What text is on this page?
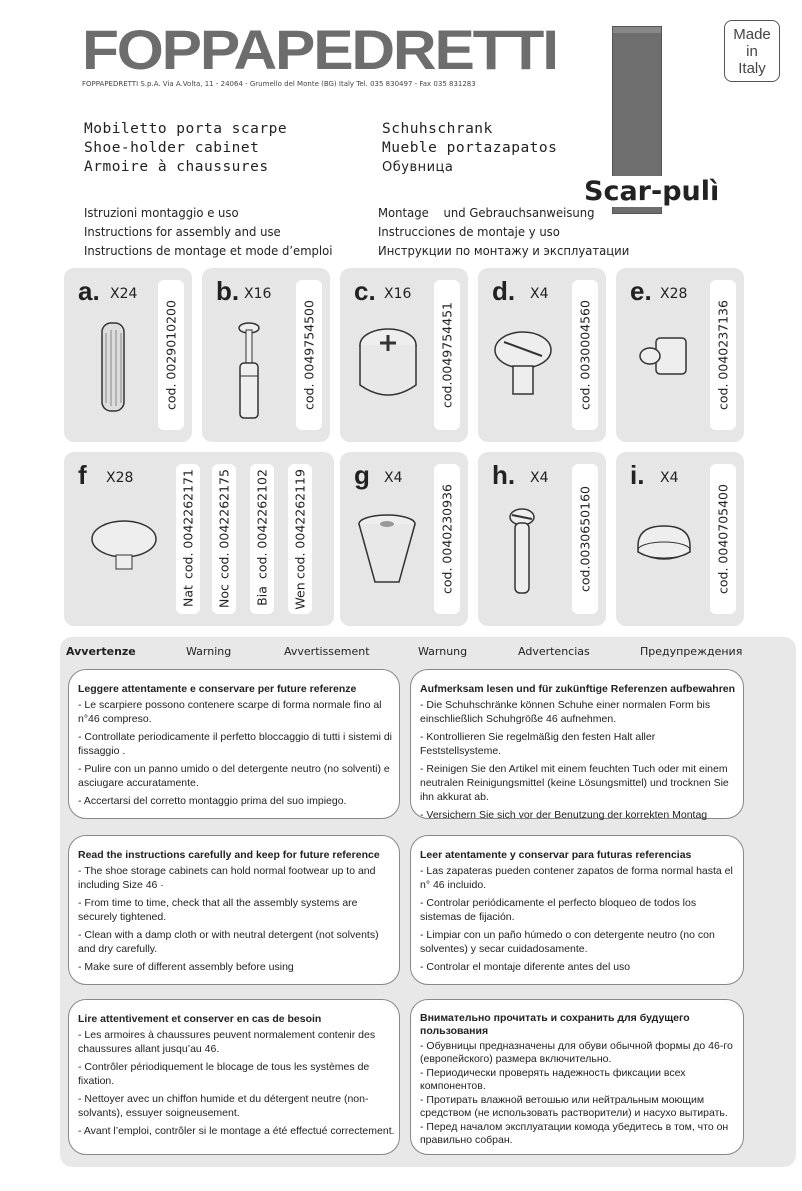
FOPPAPEDRETTI
FOPPAPEDRETTI S.p.A. Via A.Volta, 11 - 24064 - Grumello del Monte (BG) Italy Tel. 035 830497 - Fax 035 831283
Made
in
Italy
Scar-pulì
Mobiletto porta scarpe
Shoe-holder cabinet
Armoire à chaussures
Schuhschrank
Mueble portazapatos
Обувница
Istruzioni montaggio e uso
Instructions for assembly and use
Instructions de montage et mode d’emploi
Montage    und Gebrauchsanweisung
Instrucciones de montaje y uso
Инструкции по монтажу и эксплуатации
a. X24
cod. 0029010200
b. X16
cod. 0049754500
c. X16
cod.0049754451
d. X4
cod. 0030004560
e. X28
cod. 0040237136
f X28	cod. 0042262171
Nat
cod. 0042262175
Noc
cod. 0042262102
Bia
cod. 0042262119
Wen
g X4
cod. 0040230936
h. X4
cod.0030650160
i. X4
cod. 0040705400
Avvertenze	Warning	Avvertissement	Warnung	Advertencias	Предупреждения
Leggere attentamente e conservare per future referenze

- Le scarpiere possono contenere scarpe di forma normale fino al n°46 compreso.

- Controllate periodicamente il perfetto bloccaggio di tutti i sistemi di fissaggio .

- Pulire con un panno umido o del detergente neutro (no solventi) e asciugare accuratamente.

- Accertarsi del corretto montaggio prima del suo impiego.

Aufmerksam lesen und für zukünftige Referenzen aufbewahren

- Die Schuhschränke können Schuhe einer normalen Form bis einschließlich Schuhgröße 46 aufnehmen.

- Kontrollieren Sie regelmäßig den festen Halt aller Feststellsysteme.

- Reinigen Sie den Artikel mit einem feuchten Tuch oder mit einem neutralen Reinigungsmittel (keine Lösungsmittel) und trocknen Sie ihn akkurat ab.

- Versichern Sie sich vor der Benutzung der korrekten Montag

Read the instructions carefully and keep for future reference

- The shoe storage cabinets can hold normal footwear up to and including Size 46 ·

- From time to time, check that all the assembly systems are securely tightened.

- Clean with a damp cloth or with neutral detergent (not solvents) and dry carefully.

- Make sure of different assembly before using

Leer atentamente y conservar para futuras referencias

- Las zapateras pueden contener zapatos de forma normal hasta el n° 46 incluido.

- Controlar periódicamente el perfecto bloqueo de todos los sistemas de fijación.

- Limpiar con un paño húmedo o con detergente neutro (no con solventes) y secar cuidadosamente.

- Controlar el montaje diferente antes del uso

Lire attentivement et conserver en cas de besoin

- Les armoires à chaussures peuvent normalement contenir des chaussures allant jusqu’au 46.

- Contrôler périodiquement le blocage de tous les systèmes de fixation.

- Nettoyer avec un chiffon humide et du détergent neutre (non-solvants), essuyer soigneusement.

- Avant l’emploi, contrôler si le montage a été effectué correctement.

Внимательно прочитать и сохранить для будущего пользования

- Обувницы предназначены для обуви обычной формы до 46-го (европейского) размера включительно.

- Периодически проверять надежность фиксации всех компонентов.

- Протирать влажной ветошью или нейтральным моющим средством (не использовать растворители) и насухо вытирать.

- Перед началом эксплуатации комода убедитесь в том, что он правильно собран.
